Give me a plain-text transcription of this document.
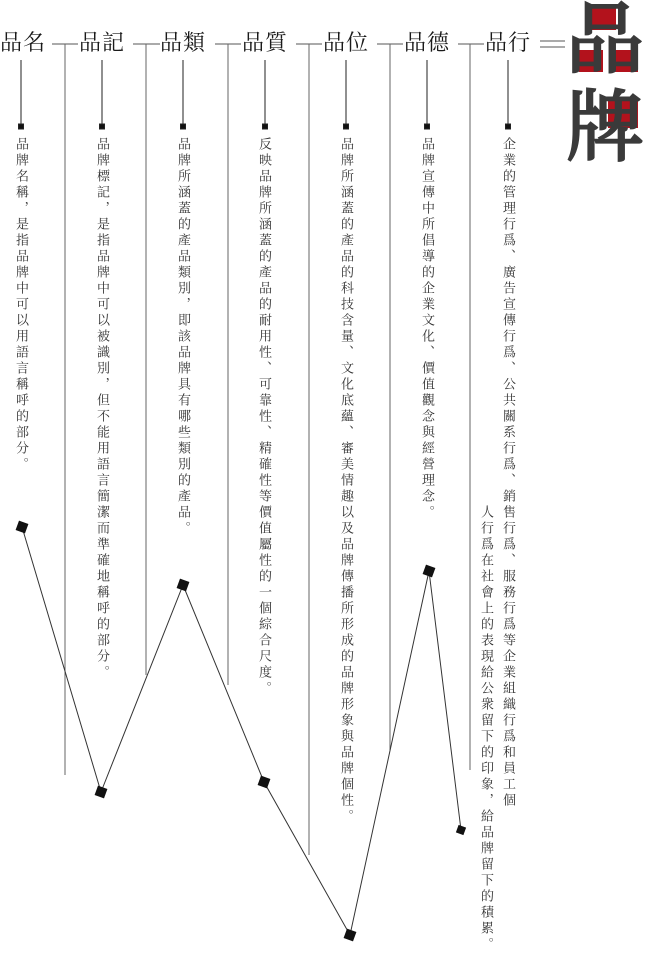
品名 品記 品類 品質 品位 品德 品行
品牌名稱，是指品牌中可以用語言稱呼的部分。	品牌標記，是指品牌中可以被識別，但不能用語言簡潔而準確地稱呼的部分。	品牌所涵蓋的產品類別，即該品牌具有哪些類別的產品。	反映品牌所涵蓋的產品的耐用性、可靠性、精確性等價值屬性的一個綜合尺度。	品牌所涵蓋的產品的科技含量、文化底蘊、審美情趣以及品牌傳播所形成的品牌形象與品牌個性。	品牌宣傳中所倡導的企業文化、價值觀念與經營理念。	企業的管理行爲、廣告宣傳行爲、公共關系行爲、銷售行爲、服務行爲等企業組織行爲和員工個
人行爲在社會上的表現給公衆留下的印象，給品牌留下的積累。
品
牌
